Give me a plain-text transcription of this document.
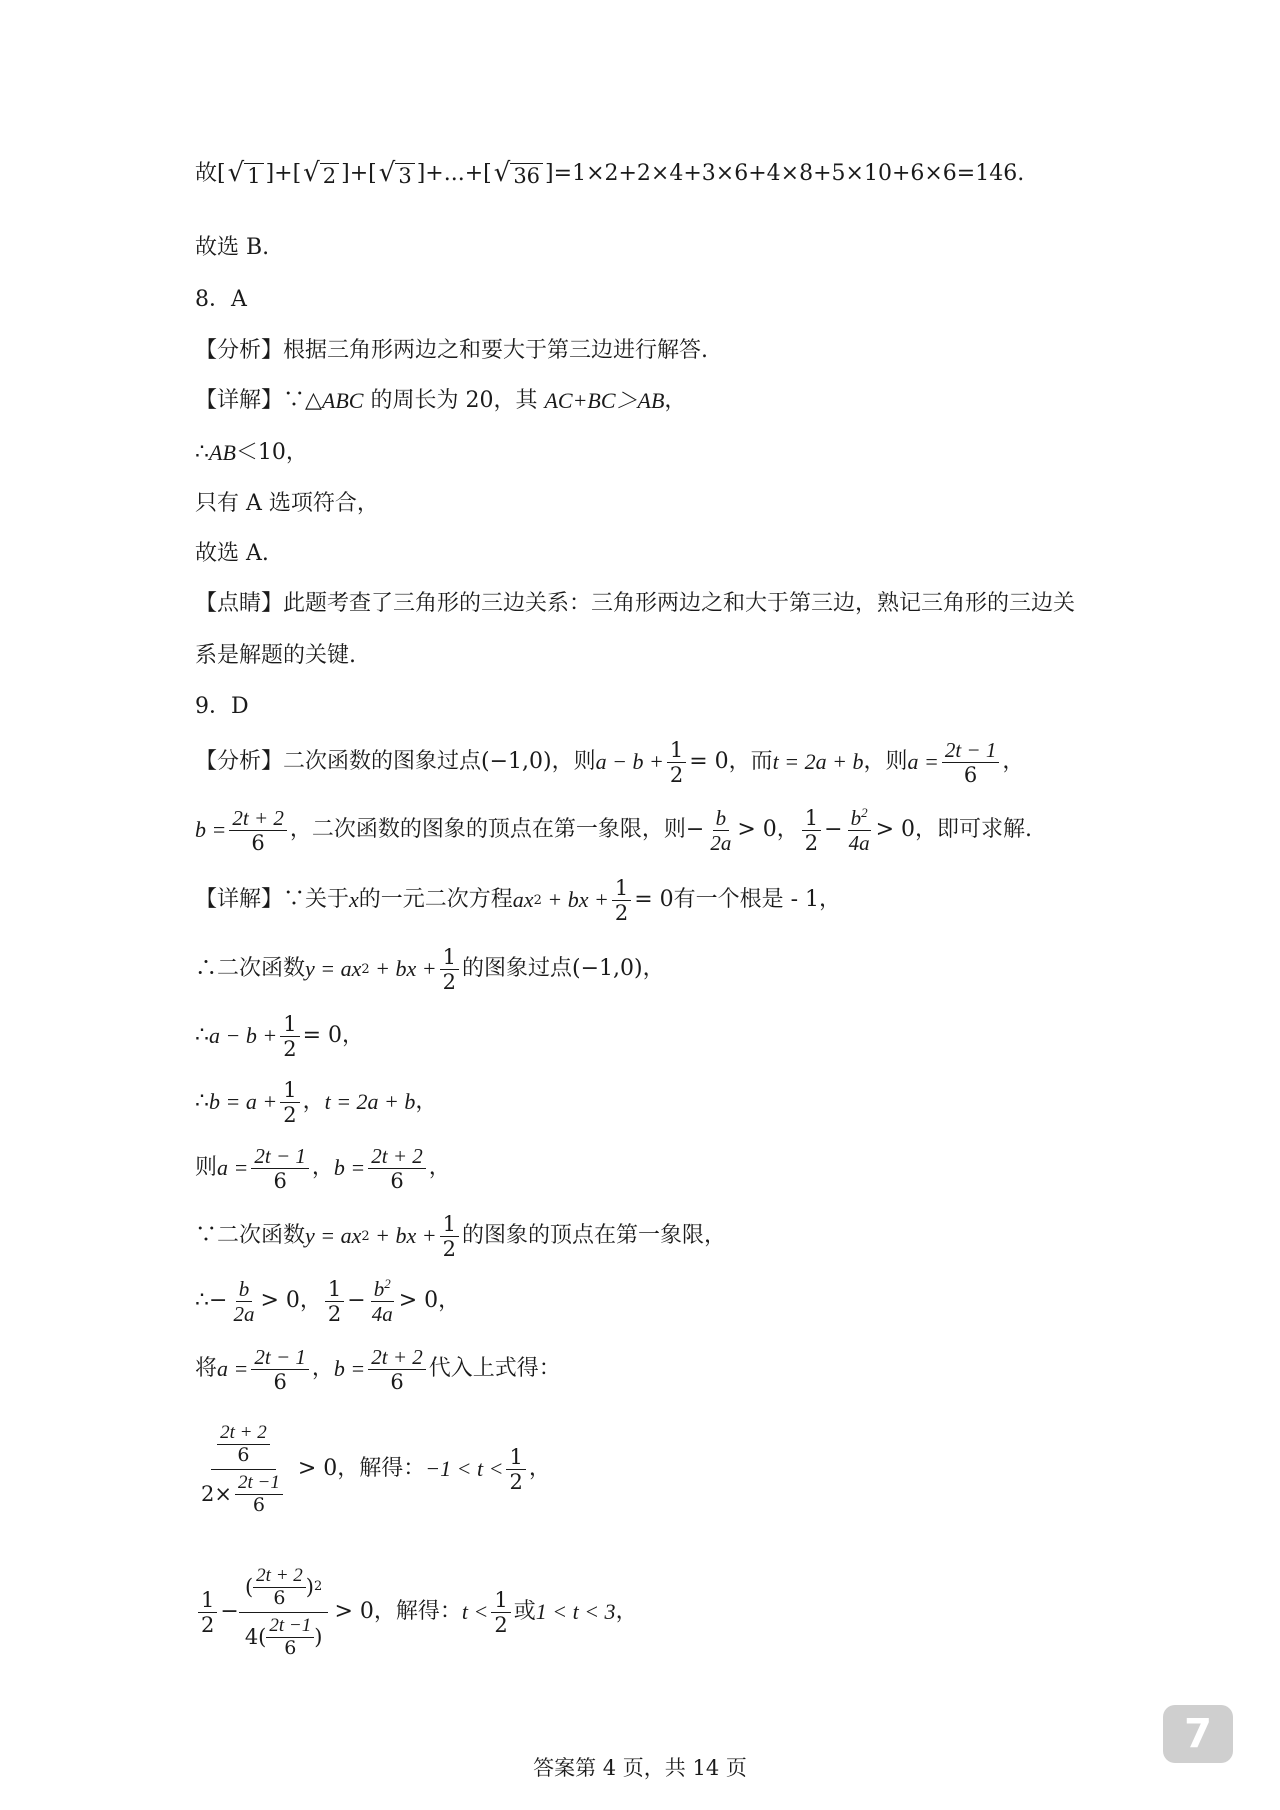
故 [ √ 1 ]+[ √ 2 ]+[ √ 3 ]+ ... +[ √ 36 ] =1×2+2×4+3×6+4×8+5×10+6×6=146.
故选 B.
8．A
【分析】根据三角形两边之和要大于第三边进行解答.
【详解】∵△ ABC 的周长为 20，其 AC+BC＞AB ，
∴ AB ＜10，
只有 A 选项符合，
故选 A.
【点睛】此题考查了三角形的三边关系：三角形两边之和大于第三边，熟记三角形的三边关
系是解题的关键.
9．D
【分析】二次函数的图象过点 (−1,0) ，则 $a - b + \frac{1}{2} = 0$ ，而 t = 2a + b ，则 $a = \frac{2t - 1}{6}$ ，
$b = \frac{2t + 2}{6}$ ，二次函数的图象的顶点在第一象限，则 − $\frac{b}{2a} > 0$ ， $\frac{1}{2} - \frac{b^2}{4a} > 0$ ，即可求解.
【详解】∵关于 x 的一元二次方程 ax 2 + bx + $\frac{1}{2} = 0$ 有一个根是 - 1，
∴二次函数 y = ax 2 + bx + $\frac{1}{2}$ 的图象过点 (−1,0) ，
∴ $a - b + \frac{1}{2} = 0$ ，
∴ $b = a + \frac{1}{2}$ ， t = 2a + b ，
则 $a = \frac{2t - 1}{6}$ ， $b = \frac{2t + 2}{6}$ ，
∵二次函数 y = ax 2 + bx + $\frac{1}{2}$ 的图象的顶点在第一象限，
∴ − $\frac{b}{2a} > 0$ ， $\frac{1}{2} - \frac{b^2}{4a} > 0$ ，
将 $a = \frac{2t - 1}{6}$ ， $b = \frac{2t + 2}{6}$ 代入上式得：
$\frac{\frac{2t + 2}{6}}{2\times \frac{2t -1}{6}} > 0$ ，解得： $-1 < t < \frac{1}{2}$ ，
$\frac{1}{2} - \frac{( \frac{2t + 2}{6} ) 2}{4( \frac{2t -1}{6} )} > 0$ ，解得： $t < \frac{1}{2}$ 或 1 < t < 3 ，
答案第 4 页，共 14 页
7
